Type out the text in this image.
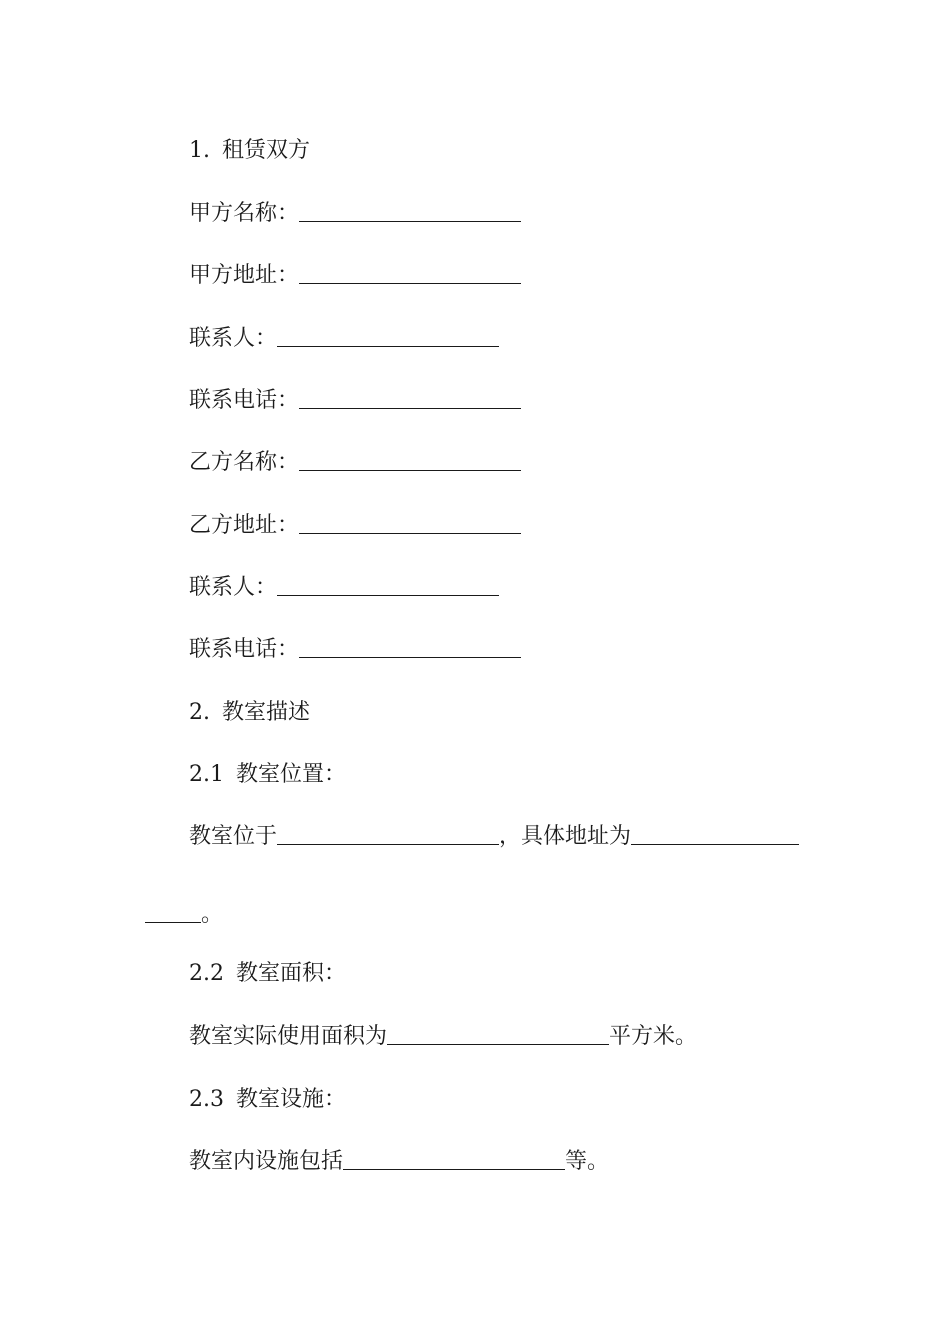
1. 租赁双方
甲方名称：
甲方地址：
联系人：
联系电话：
乙方名称：
乙方地址：
联系人：
联系电话：
2. 教室描述
2.1 教室位置：
教室位于	，具体地址为
。
2.2 教室面积：
教室实际使用面积为	平方米。
2.3 教室设施：
教室内设施包括	等。
